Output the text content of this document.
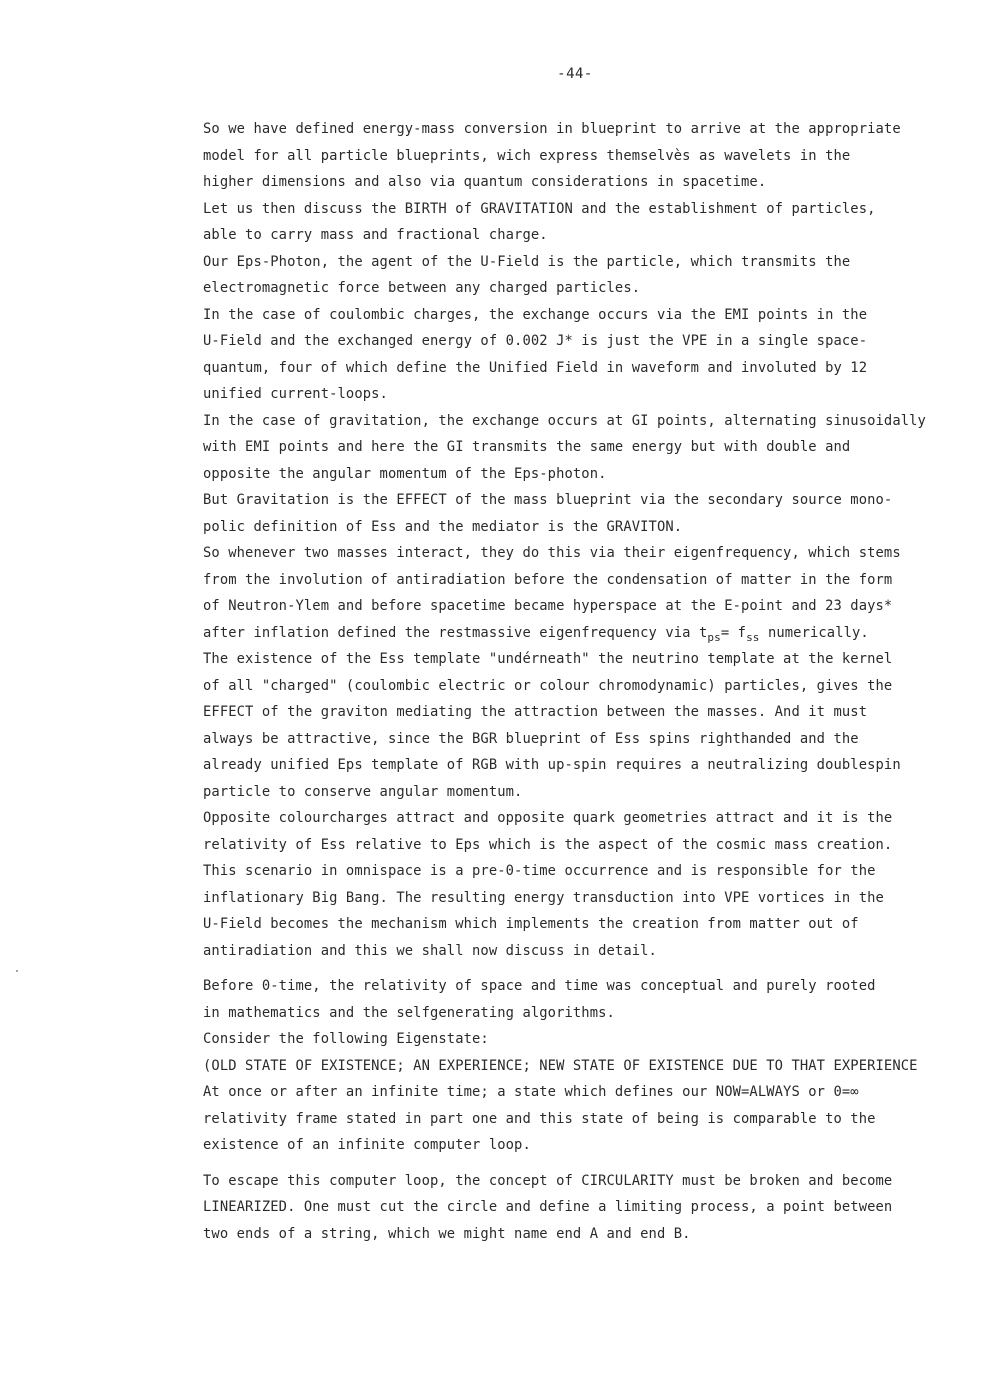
-44-
So we have defined energy-mass conversion in blueprint to arrive at the appropriate
model for all particle blueprints, wich express themselvès as wavelets in the
higher dimensions and also via quantum considerations in spacetime.
Let us then discuss the BIRTH of GRAVITATION and the establishment of particles,
able to carry mass and fractional charge.
Our Eps-Photon, the agent of the U-Field is the particle, which transmits the
electromagnetic force between any charged particles.
In the case of coulombic charges, the exchange occurs via the EMI points in the
U-Field and the exchanged energy of 0.002 J* is just the VPE in a single space-
quantum, four of which define the Unified Field in waveform and involuted by 12
unified current-loops.
In the case of gravitation, the exchange occurs at GI points, alternating sinusoidally
with EMI points and here the GI transmits the same energy but with double and
opposite the angular momentum of the Eps-photon.
But Gravitation is the EFFECT of the mass blueprint via the secondary source mono-
polic definition of Ess and the mediator is the GRAVITON.
So whenever two masses interact, they do this via their eigenfrequency, which stems
from the involution of antiradiation before the condensation of matter in the form
of Neutron-Ylem and before spacetime became hyperspace at the E-point and 23 days*
after inflation defined the restmassive eigenfrequency via $t_{ps}= f_{ss}$ numerically.
The existence of the Ess template "undérneath" the neutrino template at the kernel
of all "charged" (coulombic electric or colour chromodynamic) particles, gives the
EFFECT of the graviton mediating the attraction between the masses. And it must
always be attractive, since the BGR blueprint of Ess spins righthanded and the
already unified Eps template of RGB with up-spin requires a neutralizing doublespin
particle to conserve angular momentum.
Opposite colourcharges attract and opposite quark geometries attract and it is the
relativity of Ess relative to Eps which is the aspect of the cosmic mass creation.
This scenario in omnispace is a pre-0-time occurrence and is responsible for the
inflationary Big Bang. The resulting energy transduction into VPE vortices in the
U-Field becomes the mechanism which implements the creation from matter out of
antiradiation and this we shall now discuss in detail.
Before 0-time, the relativity of space and time was conceptual and purely rooted
in mathematics and the selfgenerating algorithms.
Consider the following Eigenstate:
(OLD STATE OF EXISTENCE; AN EXPERIENCE; NEW STATE OF EXISTENCE DUE TO THAT EXPERIENCE
At once or after an infinite time; a state which defines our NOW=ALWAYS or 0=∞
relativity frame stated in part one and this state of being is comparable to the
existence of an infinite computer loop.
To escape this computer loop, the concept of CIRCULARITY must be broken and become
LINEARIZED. One must cut the circle and define a limiting process, a point between
two ends of a string, which we might name end A and end B.
